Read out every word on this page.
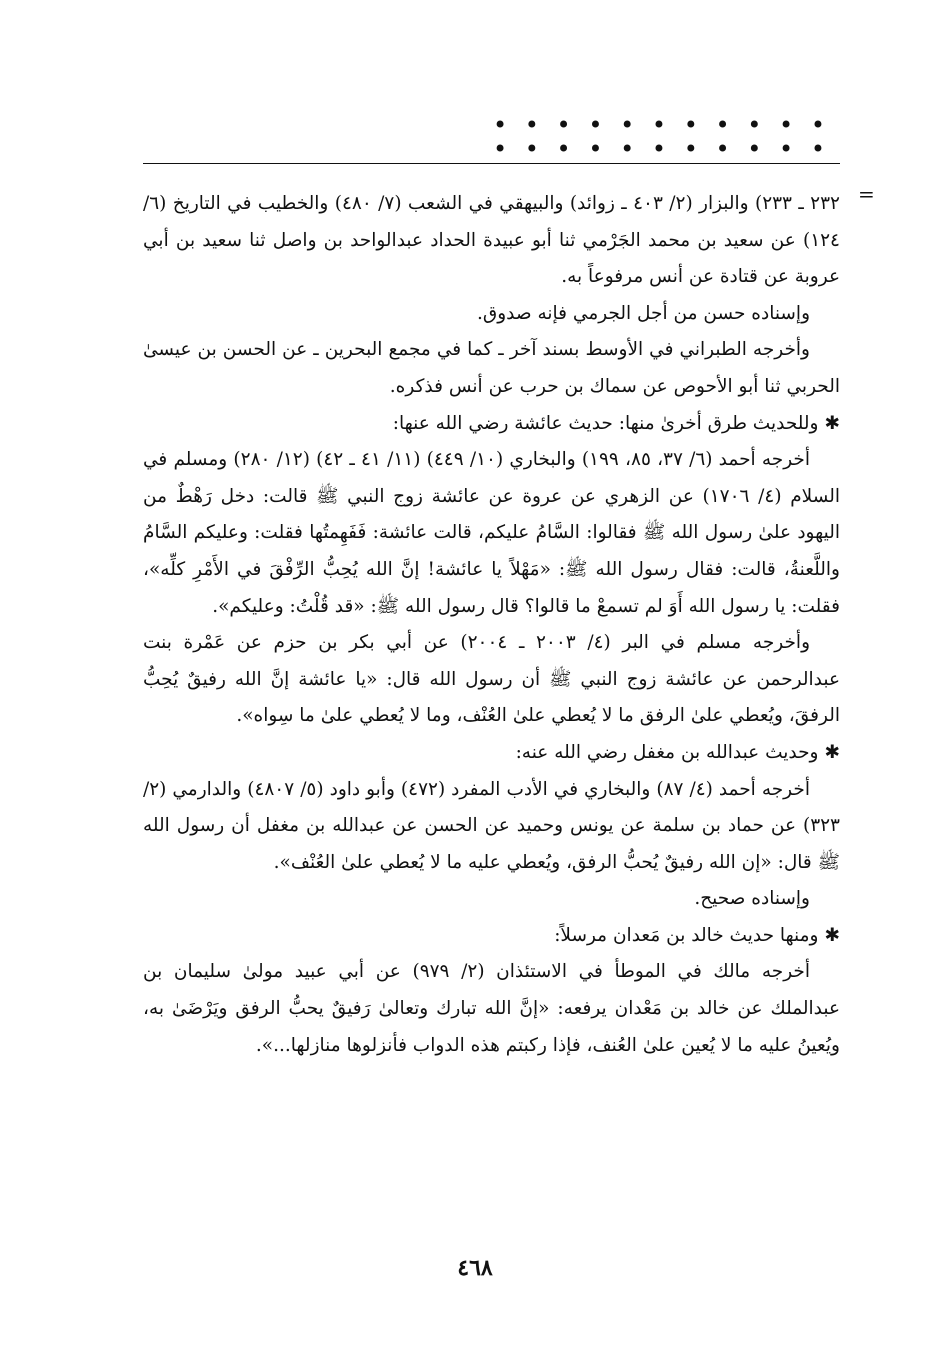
• • • • • • • • • • • • • • • • • • • • • •
=

٢٣٢ ـ ٢٣٣) والبزار (٢/ ٤٠٣ ـ زوائد) والبيهقي في الشعب (٧/ ٤٨٠) والخطيب في التاريخ (٦/ ١٢٤) عن سعيد بن محمد الجَرْمي ثنا أبو عبيدة الحداد عبدالواحد بن واصل ثنا سعيد بن أبي عروبة عن قتادة عن أنس مرفوعاً به.

وإسناده حسن من أجل الجرمي فإنه صدوق.

وأخرجه الطبراني في الأوسط بسند آخر ـ كما في مجمع البحرين ـ عن الحسن بن عيسىٰ الحربي ثنا أبو الأحوص عن سماك بن حرب عن أنس فذكره.

✱وللحديث طرق أخرىٰ منها: حديث عائشة رضي الله عنها:

أخرجه أحمد (٦/ ٣٧، ٨٥، ١٩٩) والبخاري (١٠/ ٤٤٩) (١١/ ٤١ ـ ٤٢) (١٢/ ٢٨٠) ومسلم في السلام (٤/ ١٧٠٦) عن الزهري عن عروة عن عائشة زوج النبي ﷺ قالت: دخل رَهْطٌ من اليهود علىٰ رسول الله ﷺ فقالوا: السَّامُ عليكم، قالت عائشة: فَفَهِمتُها فقلت: وعليكم السَّامُ واللَّعنةُ، قالت: فقال رسول الله ﷺ: «مَهْلاً يا عائشة! إنَّ الله يُحِبُّ الرِّفْقَ في الأَمْرِ كلِّه»، فقلت: يا رسول الله أَوَ لم تسمعْ ما قالوا؟ قال رسول الله ﷺ: «قد قُلْتُ: وعليكم».

وأخرجه مسلم في البر (٤/ ٢٠٠٣ ـ ٢٠٠٤) عن أبي بكر بن حزم عن عَمْرة بنت عبدالرحمن عن عائشة زوج النبي ﷺ أن رسول الله قال: «يا عائشة إنَّ الله رفيقٌ يُحِبُّ الرفقَ، ويُعطي علىٰ الرفق ما لا يُعطي علىٰ العُنْف، وما لا يُعطي علىٰ ما سِواه».

✱وحديث عبدالله بن مغفل رضي الله عنه:

أخرجه أحمد (٤/ ٨٧) والبخاري في الأدب المفرد (٤٧٢) وأبو داود (٥/ ٤٨٠٧) والدارمي (٢/ ٣٢٣) عن حماد بن سلمة عن يونس وحميد عن الحسن عن عبدالله بن مغفل أن رسول الله ﷺ قال: «إن الله رفيقٌ يُحبُّ الرفق، ويُعطي عليه ما لا يُعطي علىٰ العُنْف».

وإسناده صحيح.

✱ومنها حديث خالد بن مَعدان مرسلاً:

أخرجه مالك في الموطأ في الاستئذان (٢/ ٩٧٩) عن أبي عبيد مولىٰ سليمان بن عبدالملك عن خالد بن مَعْدان يرفعه: «إنَّ الله تبارك وتعالىٰ رَفيقٌ يحبُّ الرفق ويَرْضَىٰ به، ويُعينُ عليه ما لا يُعين علىٰ العُنف، فإذا ركبتم هذه الدواب فأنزلوها منازلها...».

٤٦٨
